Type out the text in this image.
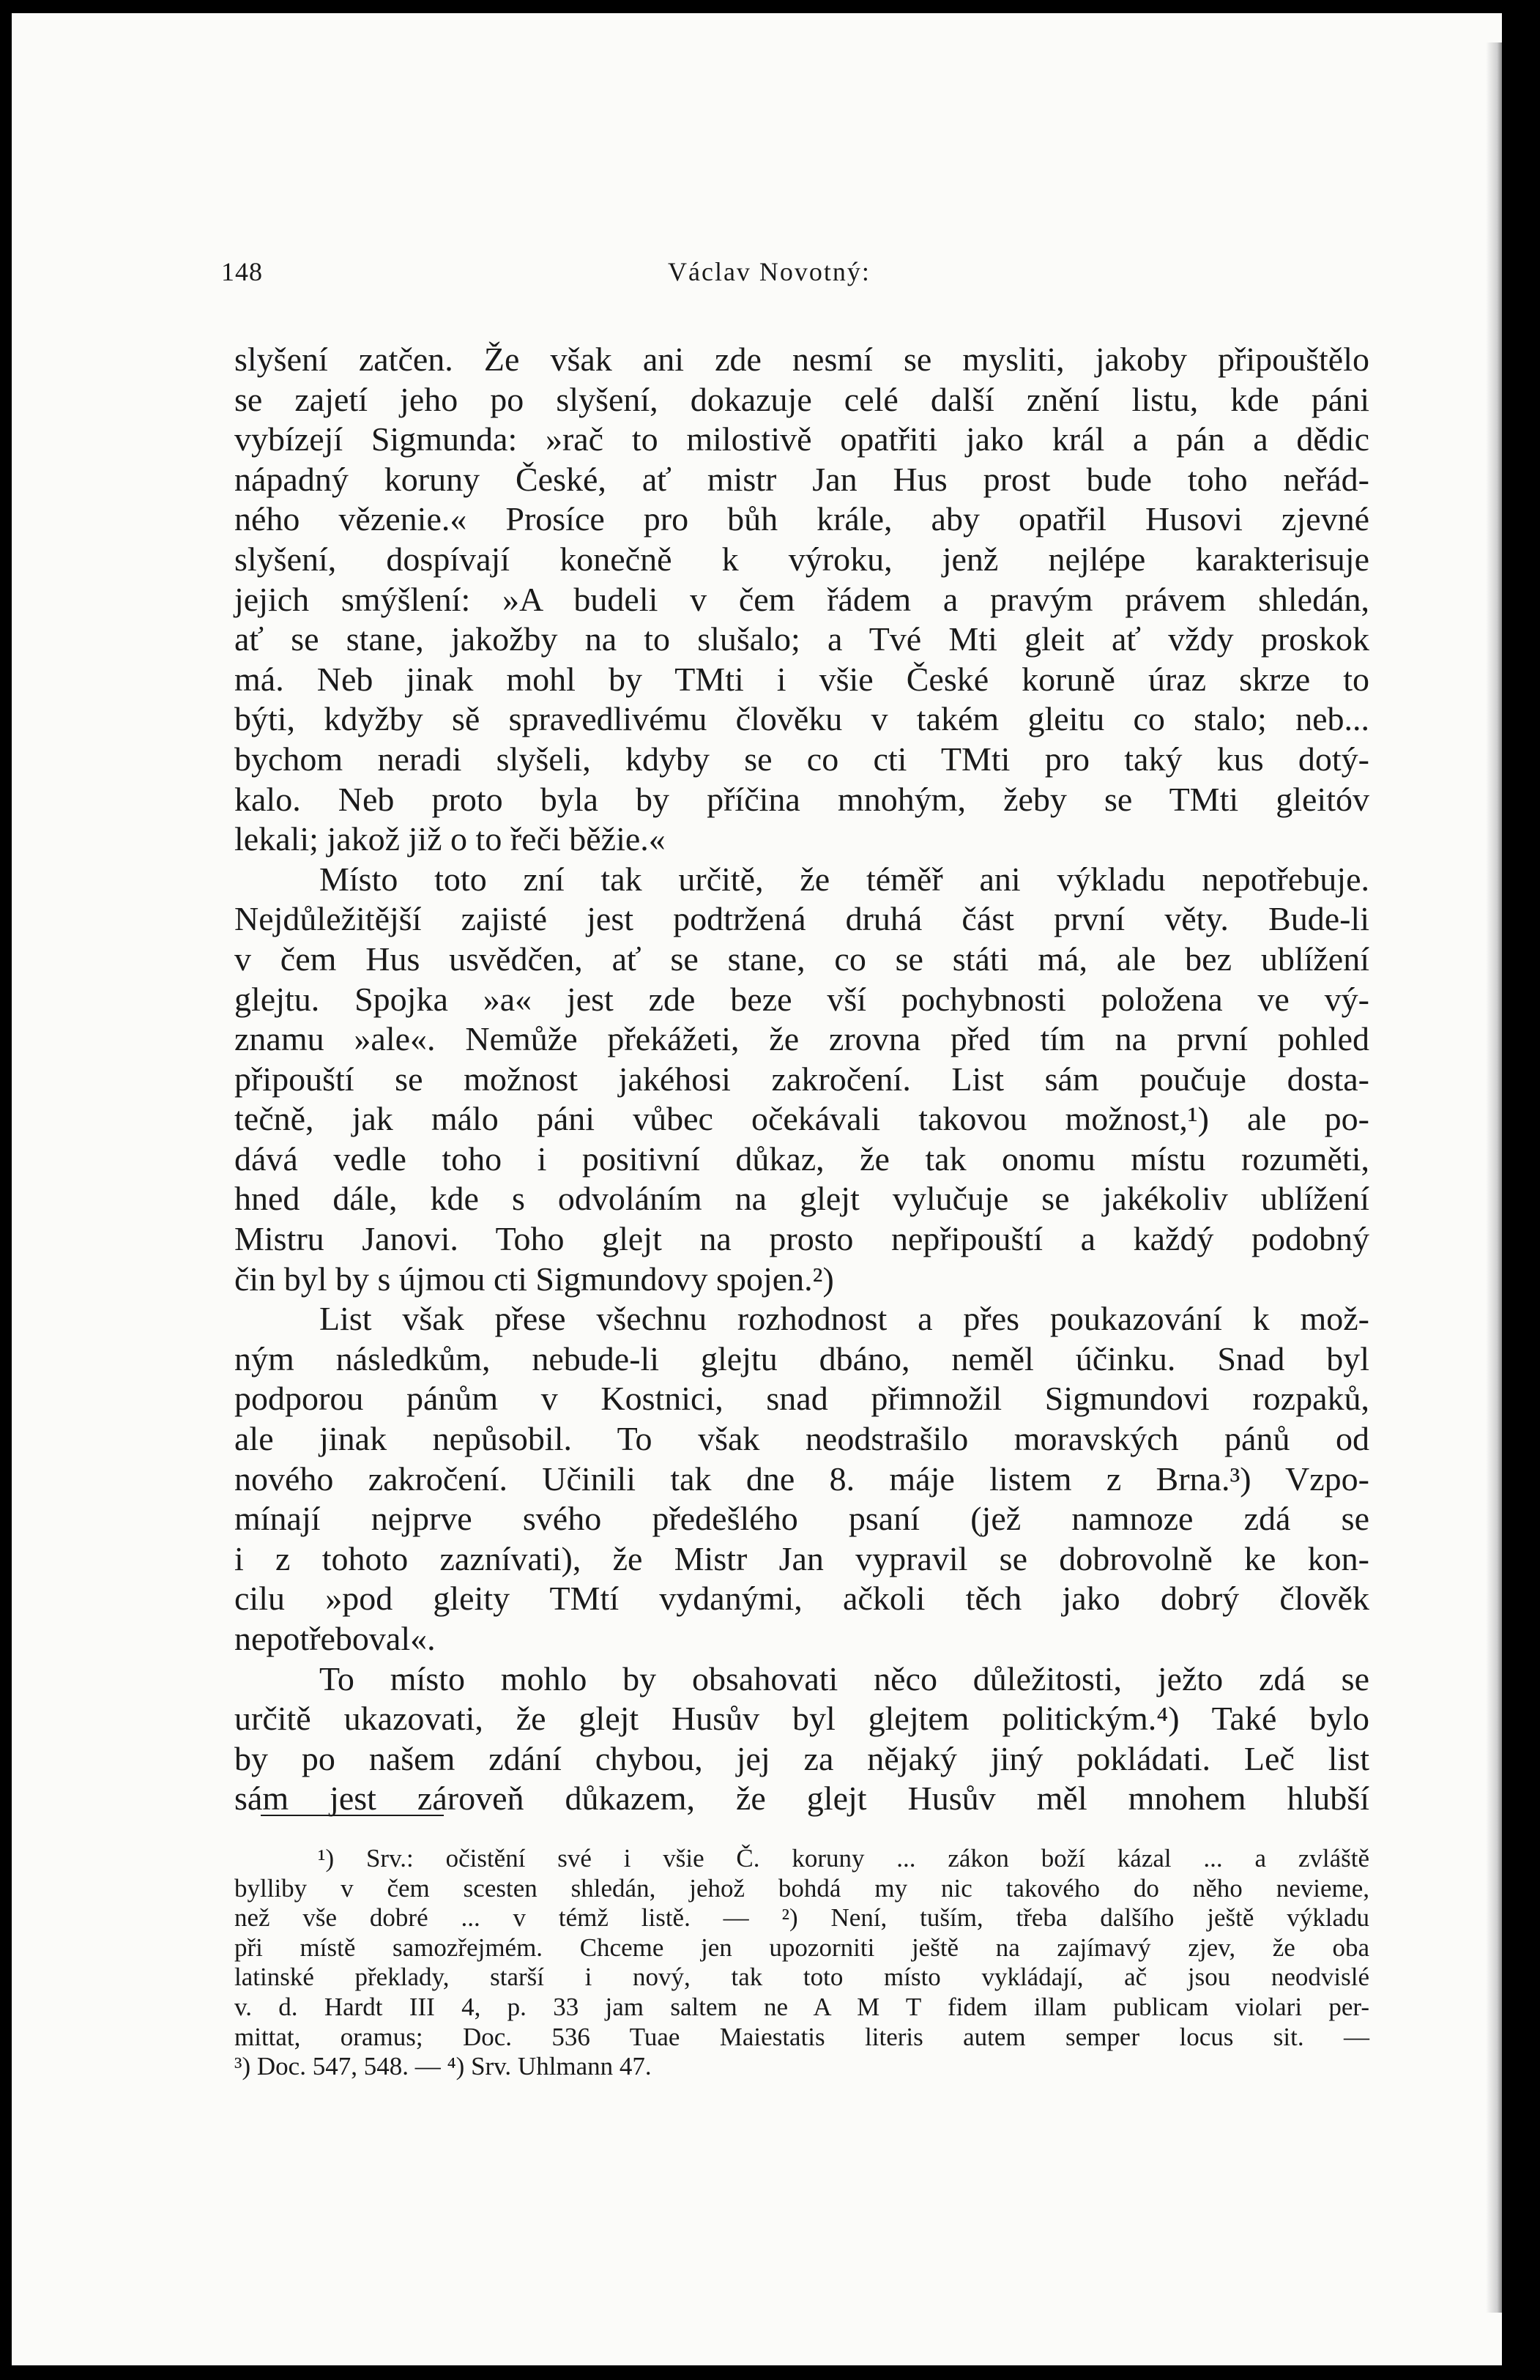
148	Václav Novotný:
slyšení zatčen. Že však ani zde nesmí se mysliti, jakoby připouštělo
se zajetí jeho po slyšení, dokazuje celé další znění listu, kde páni
vybízejí Sigmunda: »rač to milostivě opatřiti jako král a pán a dědic
nápadný koruny České, ať mistr Jan Hus prost bude toho neřád-
ného vězenie.« Prosíce pro bůh krále, aby opatřil Husovi zjevné
slyšení, dospívají konečně k výroku, jenž nejlépe karakterisuje
jejich smýšlení: »A budeli v čem řádem a pravým právem shledán,
ať se stane, jakožby na to slušalo; a Tvé Mti gleit ať vždy proskok
má. Neb jinak mohl by TMti i všie České koruně úraz skrze to
býti, kdyžby sě spravedlivému člověku v takém gleitu co stalo; neb...
bychom neradi slyšeli, kdyby se co cti TMti pro taký kus dotý-
kalo. Neb proto byla by příčina mnohým, žeby se TMti gleitóv
lekali; jakož již o to řeči běžie.«
Místo toto zní tak určitě, že téměř ani výkladu nepotřebuje.
Nejdůležitější zajisté jest podtržená druhá část první věty. Bude-li
v čem Hus usvědčen, ať se stane, co se státi má, ale bez ublížení
glejtu. Spojka »a« jest zde beze vší pochybnosti položena ve vý-
znamu »ale«. Nemůže překážeti, že zrovna před tím na první pohled
připouští se možnost jakéhosi zakročení. List sám poučuje dosta-
tečně, jak málo páni vůbec očekávali takovou možnost,¹) ale po-
dává vedle toho i positivní důkaz, že tak onomu místu rozuměti,
hned dále, kde s odvoláním na glejt vylučuje se jakékoliv ublížení
Mistru Janovi. Toho glejt na prosto nepřipouští a každý podobný
čin byl by s újmou cti Sigmundovy spojen.²)
List však přese všechnu rozhodnost a přes poukazování k mož-
ným následkům, nebude-li glejtu dbáno, neměl účinku. Snad byl
podporou pánům v Kostnici, snad přimnožil Sigmundovi rozpaků,
ale jinak nepůsobil. To však neodstrašilo moravských pánů od
nového zakročení. Učinili tak dne 8. máje listem z Brna.³) Vzpo-
mínají nejprve svého předešlého psaní (jež namnoze zdá se
i z tohoto zaznívati), že Mistr Jan vypravil se dobrovolně ke kon-
cilu »pod gleity TMtí vydanými, ačkoli těch jako dobrý člověk
nepotřeboval«.
To místo mohlo by obsahovati něco důležitosti, ježto zdá se
určitě ukazovati, že glejt Husův byl glejtem politickým.⁴) Také bylo
by po našem zdání chybou, jej za nějaký jiný pokládati. Leč list
sám jest zároveň důkazem, že glejt Husův měl mnohem hlubší
¹) Srv.: očistění své i všie Č. koruny ... zákon boží kázal ... a zvláště
bylliby v čem scesten shledán, jehož bohdá my nic takového do něho nevieme,
než vše dobré ... v témž listě. — ²) Není, tuším, třeba dalšího ještě výkladu
při místě samozřejmém. Chceme jen upozorniti ještě na zajímavý zjev, že oba
latinské překlady, starší i nový, tak toto místo vykládají, ač jsou neodvislé
v. d. Hardt III 4, p. 33 jam saltem ne A M T fidem illam publicam violari per-
mittat, oramus; Doc. 536 Tuae Maiestatis literis autem semper locus sit. —
³) Doc. 547, 548. — ⁴) Srv. Uhlmann 47.
